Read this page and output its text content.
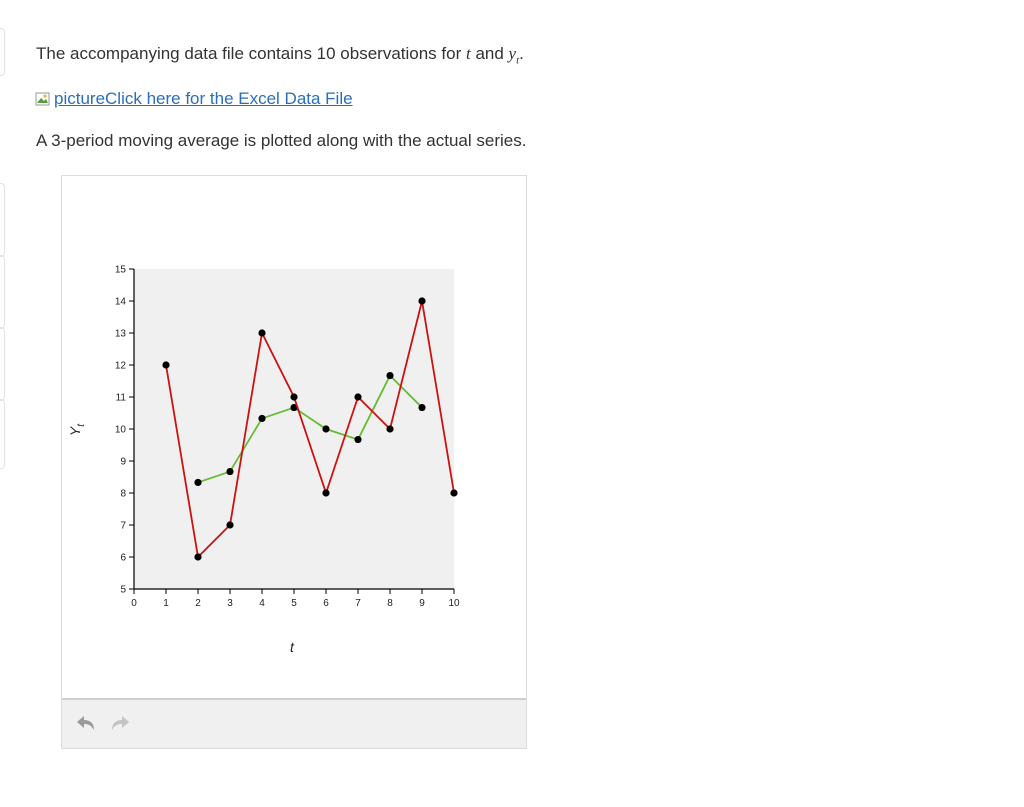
The accompanying data file contains 10 observations for t and $y_t$.
picture Click here for the Excel Data File
A 3-period moving average is plotted along with the actual series.
5
6
7
8
9
10
11
12
13
14
15
0	1	2	3	4	5	6	7	8	9 10
t
$Y_t$
